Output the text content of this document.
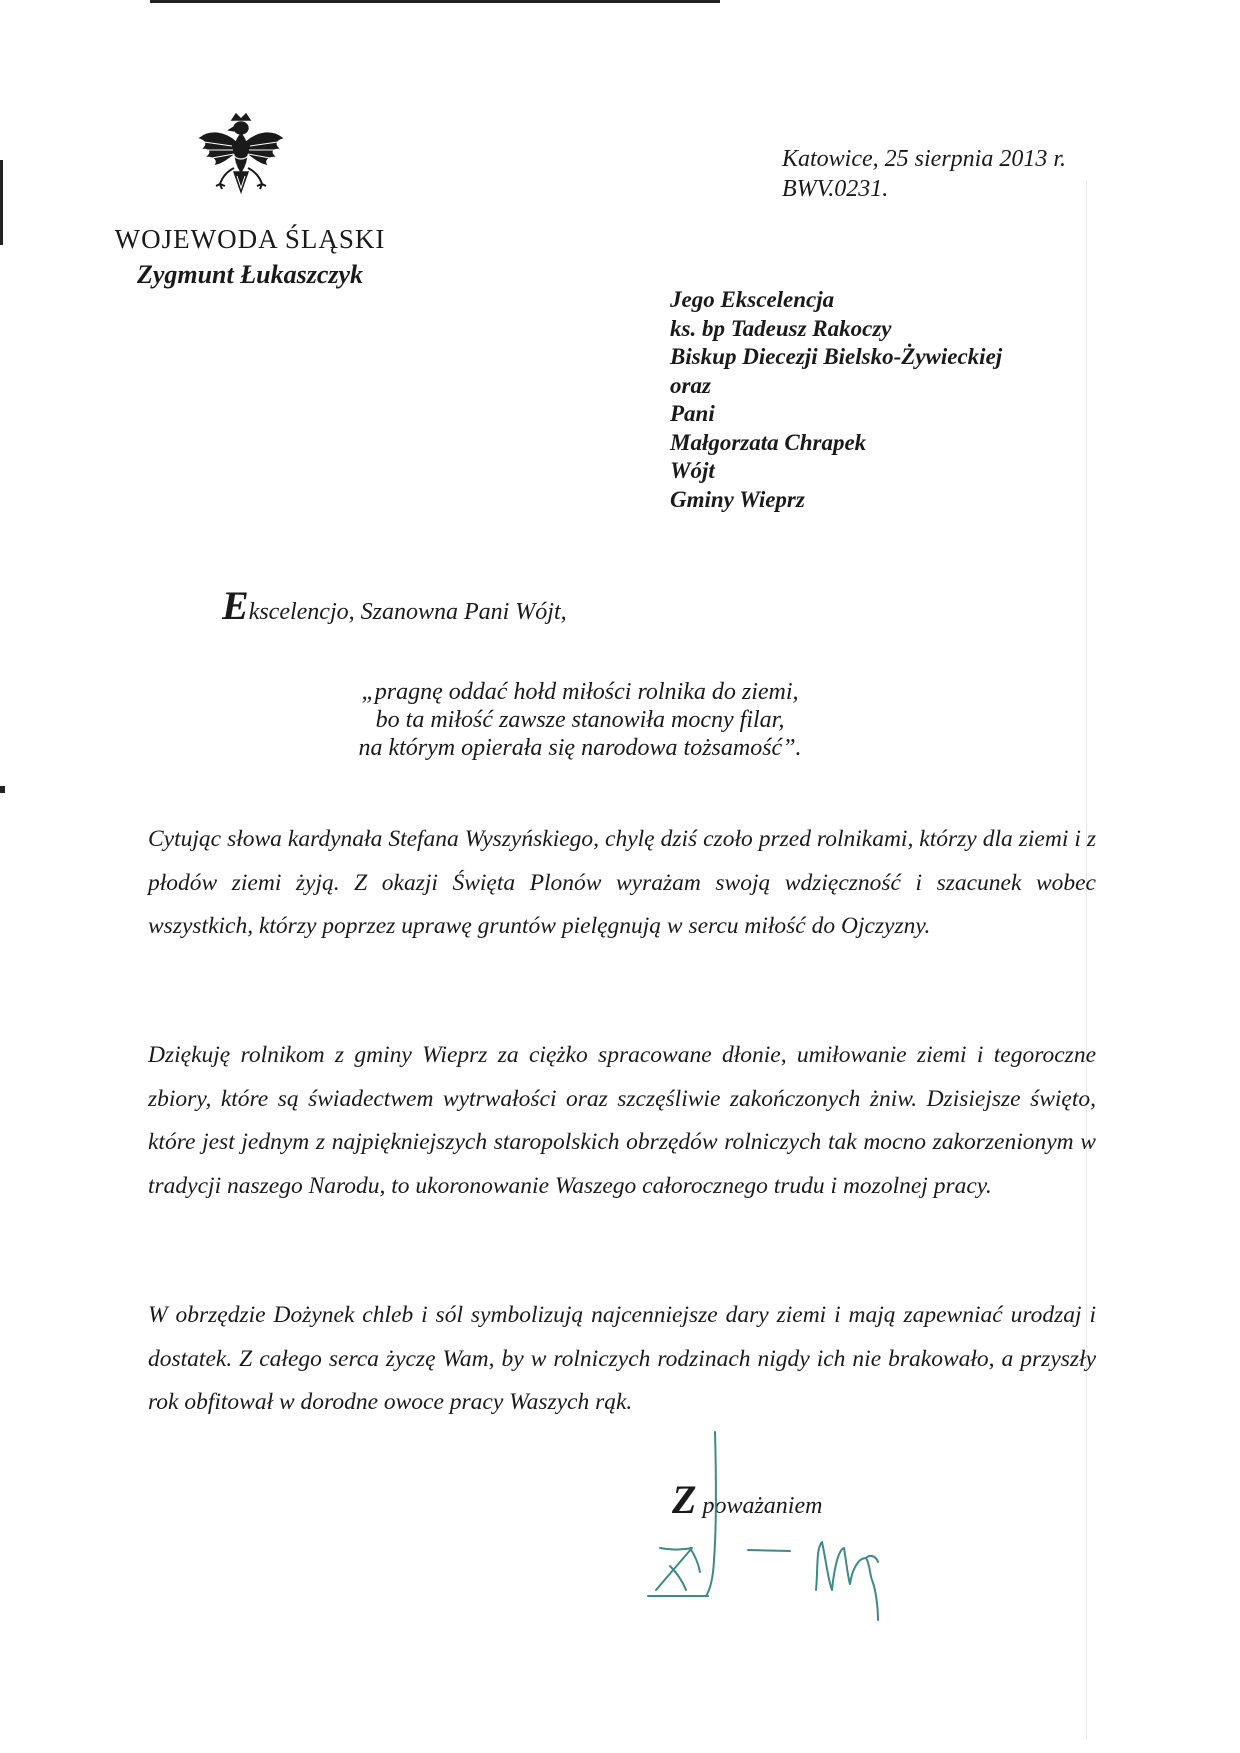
WOJEWODA ŚLĄSKI
Zygmunt Łukaszczyk
Katowice, 25 sierpnia 2013 r.
BWV.0231.
Jego Ekscelencja
ks. bp Tadeusz Rakoczy
Biskup Diecezji Bielsko-Żywieckiej
oraz
Pani
Małgorzata Chrapek
Wójt
Gminy Wieprz
Ekscelencjo, Szanowna Pani Wójt,
„pragnę oddać hołd miłości rolnika do ziemi,
bo ta miłość zawsze stanowiła mocny filar,
na którym opierała się narodowa tożsamość”.
Cytując słowa kardynała Stefana Wyszyńskiego, chylę dziś czoło przed rolnikami, którzy dla ziemi i z płodów ziemi żyją. Z okazji Święta Plonów wyrażam swoją wdzięczność i szacunek wobec wszystkich, którzy poprzez uprawę gruntów pielęgnują w sercu miłość do Ojczyzny.
Dziękuję rolnikom z gminy Wieprz za ciężko spracowane dłonie, umiłowanie ziemi i tegoroczne zbiory, które są świadectwem wytrwałości oraz szczęśliwie zakończonych żniw. Dzisiejsze święto, które jest jednym z najpiękniejszych staropolskich obrzędów rolniczych tak mocno zakorzenionym w tradycji naszego Narodu, to ukoronowanie Waszego całorocznego trudu i mozolnej pracy.
W obrzędzie Dożynek chleb i sól symbolizują najcenniejsze dary ziemi i mają zapewniać urodzaj i dostatek. Z całego serca życzę Wam, by w rolniczych rodzinach nigdy ich nie brakowało, a przyszły rok obfitował w dorodne owoce pracy Waszych rąk.
Z poważaniem
